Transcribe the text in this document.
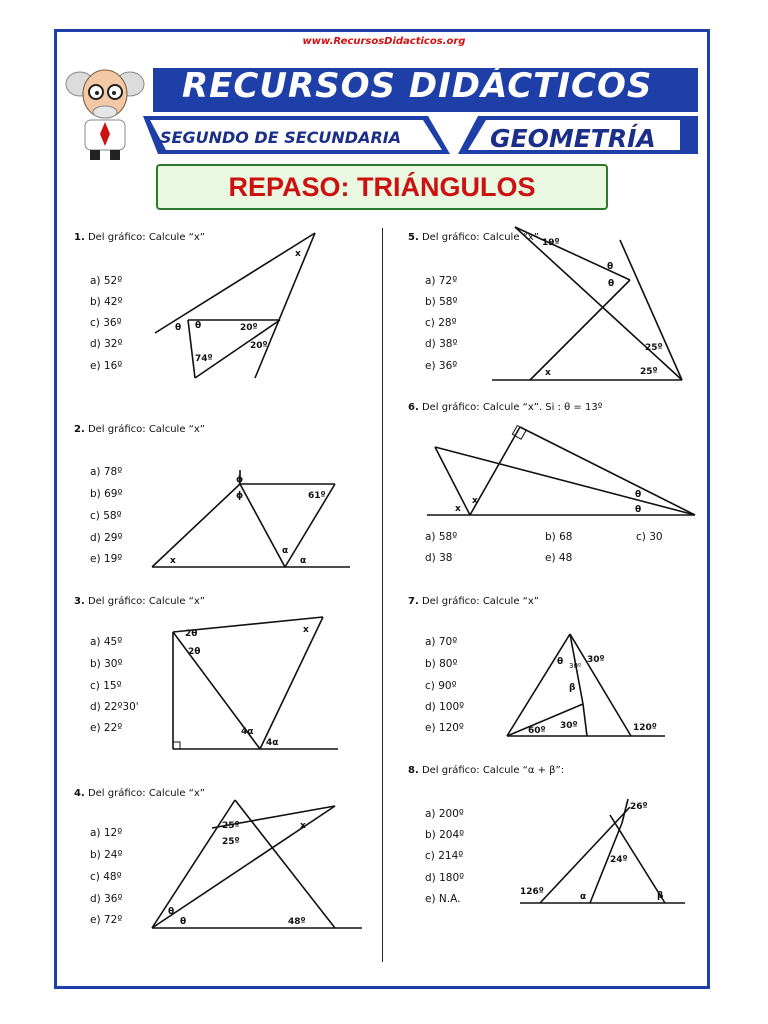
www.RecursosDidacticos.org
RECURSOS DIDÁCTICOS
SEGUNDO DE SECUNDARIA	GEOMETRÍA
REPASO: TRIÁNGULOS
1. Del gráfico: Calcule “x”
a) 52º
b) 42º
c) 36º
d) 32º
e) 16º
x
θ θ	20º
20º
74º
2. Del gráfico: Calcule “x”
a) 78º
b) 69º
c) 58º
d) 29º
e) 19º
ϕ
ϕ	61º
α
α
x
3. Del gráfico: Calcule “x”
a) 45º
b) 30º
c) 15º
d) 22º30'
e) 22º
2θ
2θ
x
4α
4α
4. Del gráfico: Calcule “x”
a) 12º
b) 24º
c) 48º
d) 36º
e) 72º
25º
25º
x
θ
θ	48º
5. Del gráfico: Calcule “x”
a) 72º
b) 58º
c) 28º
d) 38º
e) 36º
19º
θ
θ
25º
25º
x
6. Del gráfico: Calcule “x”. Si : θ = 13º
x
x
θ
θ
a) 58º	b) 68	c) 30
d) 38	e) 48
7. Del gráfico: Calcule “x”
a) 70º
b) 80º
c) 90º
d) 100º
e) 120º
θ	30º
30º
β
30º
60º	120º
8. Del gráfico: Calcule “α + β”:
a) 200º
b) 204º
c) 214º
d) 180º
e) N.A.
26º
24º
126º	α	β
